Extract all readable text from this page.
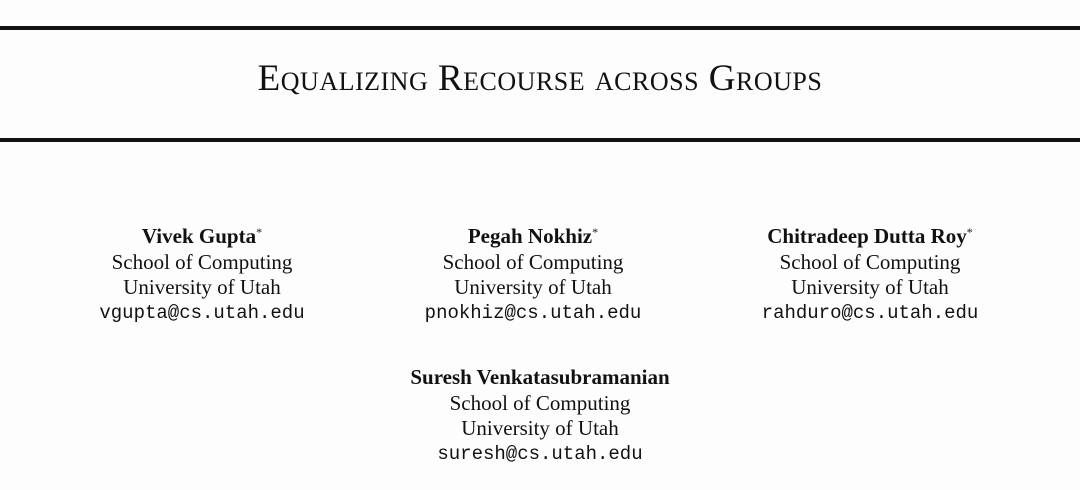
Equalizing Recourse across Groups
Vivek Gupta*
School of Computing
University of Utah
vgupta@cs.utah.edu
Pegah Nokhiz*
School of Computing
University of Utah
pnokhiz@cs.utah.edu
Chitradeep Dutta Roy*
School of Computing
University of Utah
rahduro@cs.utah.edu
Suresh Venkatasubramanian
School of Computing
University of Utah
suresh@cs.utah.edu
